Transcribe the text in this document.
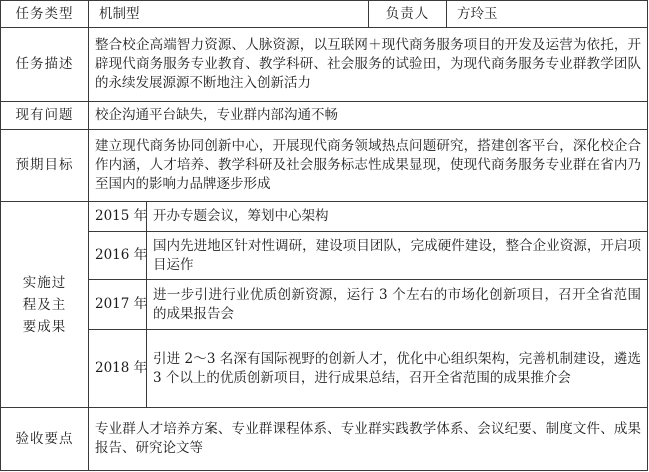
任务类型	机制型		负责人	方玲玉
任务描述	整合校企高端智力资源、人脉资源，以互联网＋现代商务服务项目的开发及运营为依托，开辟现代商务服务专业教育、教学科研、社会服务的试验田，为现代商务服务专业群教学团队的永续发展源源不断地注入创新活力			
现有问题	校企沟通平台缺失，专业群内部沟通不畅			
预期目标	建立现代商务协同创新中心，开展现代商务领域热点问题研究，搭建创客平台，深化校企合作内涵，人才培养、教学科研及社会服务标志性成果显现，使现代商务服务专业群在省内乃至国内的影响力品牌逐步形成			
实施过
程及主
要成果	2015 年	开办专题会议，筹划中心架构		
	2016 年	国内先进地区针对性调研，建设项目团队，完成硬件建设，整合企业资源，开启项目运作		
	2017 年	进一步引进行业优质创新资源，运行 3 个左右的市场化创新项目，召开全省范围的成果报告会		
	2018 年	引进 2～3 名深有国际视野的创新人才，优化中心组织架构，完善机制建设，遴选 3 个以上的优质创新项目，进行成果总结，召开全省范围的成果推介会		
验收要点	专业群人才培养方案、专业群课程体系、专业群实践教学体系、会议纪要、制度文件、成果报告、研究论文等			
